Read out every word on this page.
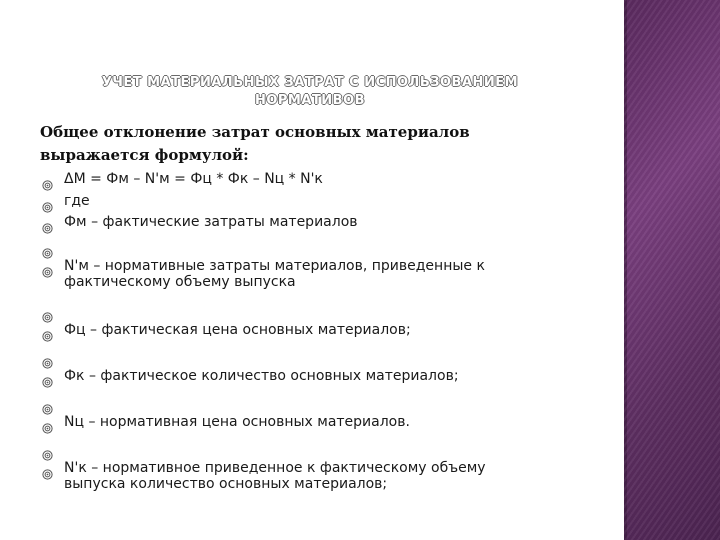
УЧЕТ МАТЕРИАЛЬНЫХ ЗАТРАТ С ИСПОЛЬЗОВАНИЕМ
НОРМАТИВОВ
Общее отклонение затрат основных материалов
выражается формулой:
ΔМ = Фм – N'м = Фц * Фк – Nц * N'к
где
Фм – фактические затраты материалов
N'м – нормативные затраты материалов, приведенные к
фактическому объему выпуска
Фц – фактическая цена основных материалов;
Фк – фактическое количество основных материалов;
Nц – нормативная цена основных материалов.
N'к – нормативное приведенное к фактическому объему
выпуска количество основных материалов;
